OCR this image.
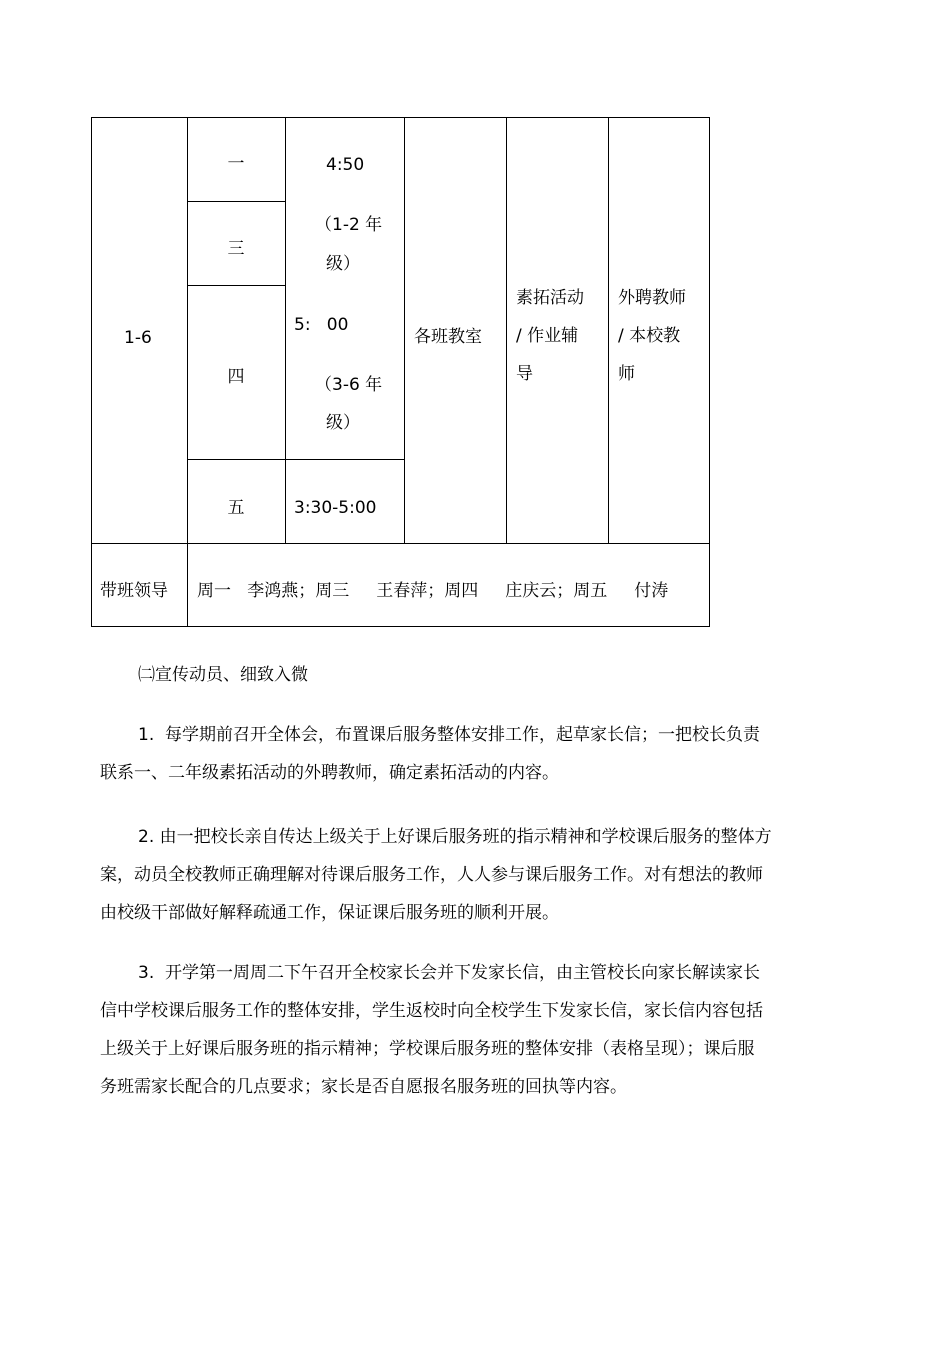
1-6
一
三
四
五
4:50
（1-2 年
级）
5:   00
（3-6 年
级）
3:30-5:00
各班教室
素拓活动
/ 作业辅
导
外聘教师
/ 本校教
师
带班领导 周一   李鸿燕；周三     王春萍；周四     庄庆云；周五     付涛
㈡宣传动员、细致入微
1.  每学期前召开全体会，布置课后服务整体安排工作，起草家长信；一把校长负责
联系一、二年级素拓活动的外聘教师，确定素拓活动的内容。
2. 由一把校长亲自传达上级关于上好课后服务班的指示精神和学校课后服务的整体方
案，动员全校教师正确理解对待课后服务工作，人人参与课后服务工作。对有想法的教师
由校级干部做好解释疏通工作，保证课后服务班的顺利开展。
3.  开学第一周周二下午召开全校家长会并下发家长信，由主管校长向家长解读家长
信中学校课后服务工作的整体安排，学生返校时向全校学生下发家长信，家长信内容包括
上级关于上好课后服务班的指示精神；学校课后服务班的整体安排（表格呈现）；课后服
务班需家长配合的几点要求；家长是否自愿报名服务班的回执等内容。
